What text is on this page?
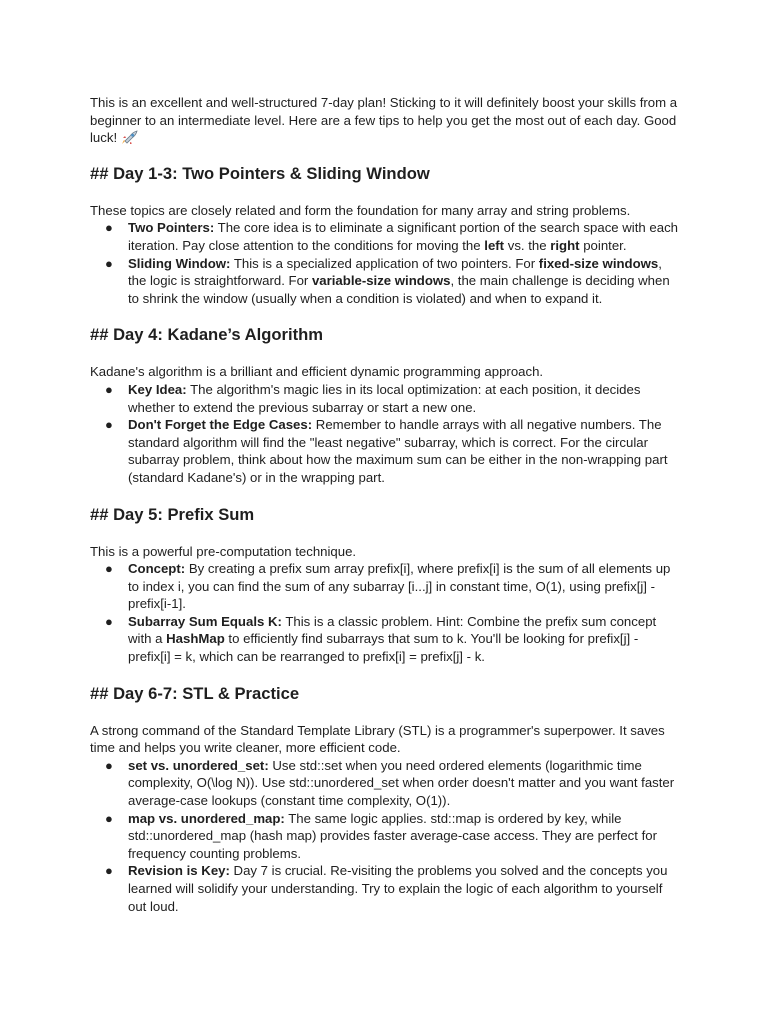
This is an excellent and well-structured 7-day plan! Sticking to it will definitely boost your skills from a beginner to an intermediate level. Here are a few tips to help you get the most out of each day. Good luck!

## Day 1-3: Two Pointers & Sliding Window

These topics are closely related and form the foundation for many array and string problems.

● Two Pointers: The core idea is to eliminate a significant portion of the search space with each iteration. Pay close attention to the conditions for moving the left vs. the right pointer.
● Sliding Window: This is a specialized application of two pointers. For fixed-size windows, the logic is straightforward. For variable-size windows, the main challenge is deciding when to shrink the window (usually when a condition is violated) and when to expand it.
## Day 4: Kadane’s Algorithm

Kadane's algorithm is a brilliant and efficient dynamic programming approach.

● Key Idea: The algorithm's magic lies in its local optimization: at each position, it decides whether to extend the previous subarray or start a new one.
● Don't Forget the Edge Cases: Remember to handle arrays with all negative numbers. The standard algorithm will find the "least negative" subarray, which is correct. For the circular subarray problem, think about how the maximum sum can be either in the non-wrapping part (standard Kadane's) or in the wrapping part.
## Day 5: Prefix Sum

This is a powerful pre-computation technique.

● Concept: By creating a prefix sum array prefix[i], where prefix[i] is the sum of all elements up to index i, you can find the sum of any subarray [i...j] in constant time, O(1), using prefix[j] - prefix[i-1].
● Subarray Sum Equals K: This is a classic problem. Hint: Combine the prefix sum concept with a HashMap to efficiently find subarrays that sum to k. You'll be looking for prefix[j] - prefix[i] = k, which can be rearranged to prefix[i] = prefix[j] - k.
## Day 6-7: STL & Practice

A strong command of the Standard Template Library (STL) is a programmer's superpower. It saves time and helps you write cleaner, more efficient code.

● set vs. unordered_set: Use std::set when you need ordered elements (logarithmic time complexity, O(\log N)). Use std::unordered_set when order doesn't matter and you want faster average-case lookups (constant time complexity, O(1)).
● map vs. unordered_map: The same logic applies. std::map is ordered by key, while std::unordered_map (hash map) provides faster average-case access. They are perfect for frequency counting problems.
● Revision is Key: Day 7 is crucial. Re-visiting the problems you solved and the concepts you learned will solidify your understanding. Try to explain the logic of each algorithm to yourself out loud.
